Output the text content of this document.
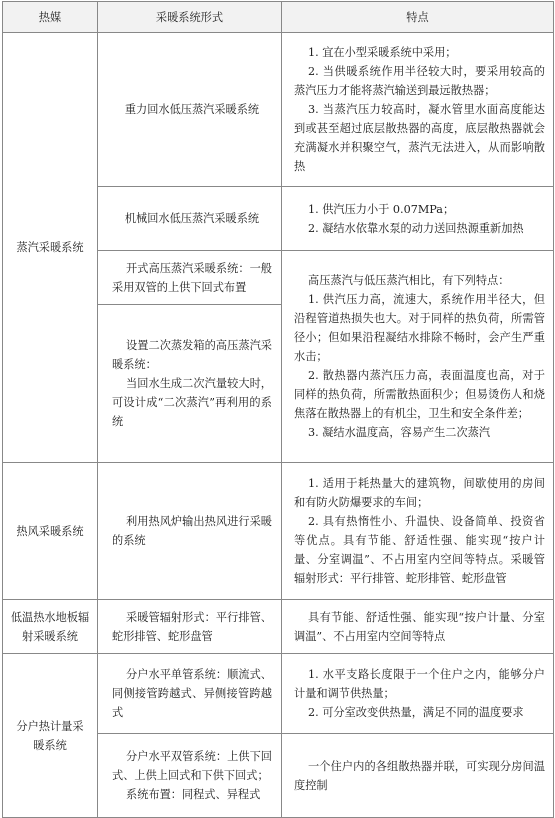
热媒	采暖系统形式	特点
蒸汽采暖系统	重力回水低压蒸汽采暖系统	1. 宜在小型采暖系统中采用；
2. 当供暖系统作用半径较大时，要采用较高的蒸汽压力才能将蒸汽输送到最远散热器；
3. 当蒸汽压力较高时，凝水管里水面高度能达到或甚至超过底层散热器的高度，底层散热器就会充满凝水并积聚空气，蒸汽无法进入，从而影响散热

	机械回水低压蒸汽采暖系统	1. 供汽压力小于 0.07MPa；
2. 凝结水依靠水泵的动力送回热源重新加热

	开式高压蒸汽采暖系统：一般采用双管的上供下回式布置	高压蒸汽与低压蒸汽相比，有下列特点：
1. 供汽压力高，流速大，系统作用半径大，但沿程管道热损失也大。对于同样的热负荷，所需管径小；但如果沿程凝结水排除不畅时，会产生严重水击；
2. 散热器内蒸汽压力高，表面温度也高，对于同样的热负荷，所需散热面积少；但易烫伤人和烧焦落在散热器上的有机尘，卫生和安全条件差；
3. 凝结水温度高，容易产生二次蒸汽

	设置二次蒸发箱的高压蒸汽采暖系统：
当回水生成二次汽量较大时，可设计成“二次蒸汽”再利用的系统	

热风采暖系统	利用热风炉输出热风进行采暖的系统	1. 适用于耗热量大的建筑物，间歇使用的房间和有防火防爆要求的车间；
2. 具有热惰性小、升温快、设备简单、投资省等优点。具有节能、舒适性强、能实现“按户计量、分室调温”、不占用室内空间等特点。采暖管辐射形式：平行排管、蛇形排管、蛇形盘管

低温热水地板辐射采暖系统	采暖管辐射形式：平行排管、蛇形排管、蛇形盘管	具有节能、舒适性强、能实现“按户计量、分室调温”、不占用室内空间等特点

分户热计量采暖系统	分户水平单管系统：顺流式、同侧接管跨越式、异侧接管跨越式	1. 水平支路长度限于一个住户之内，能够分户计量和调节供热量；
2. 可分室改变供热量，满足不同的温度要求

	分户水平双管系统：上供下回式、上供上回式和下供下回式；
系统布置：同程式、异程式	一个住户内的各组散热器并联，可实现分房间温度控制
